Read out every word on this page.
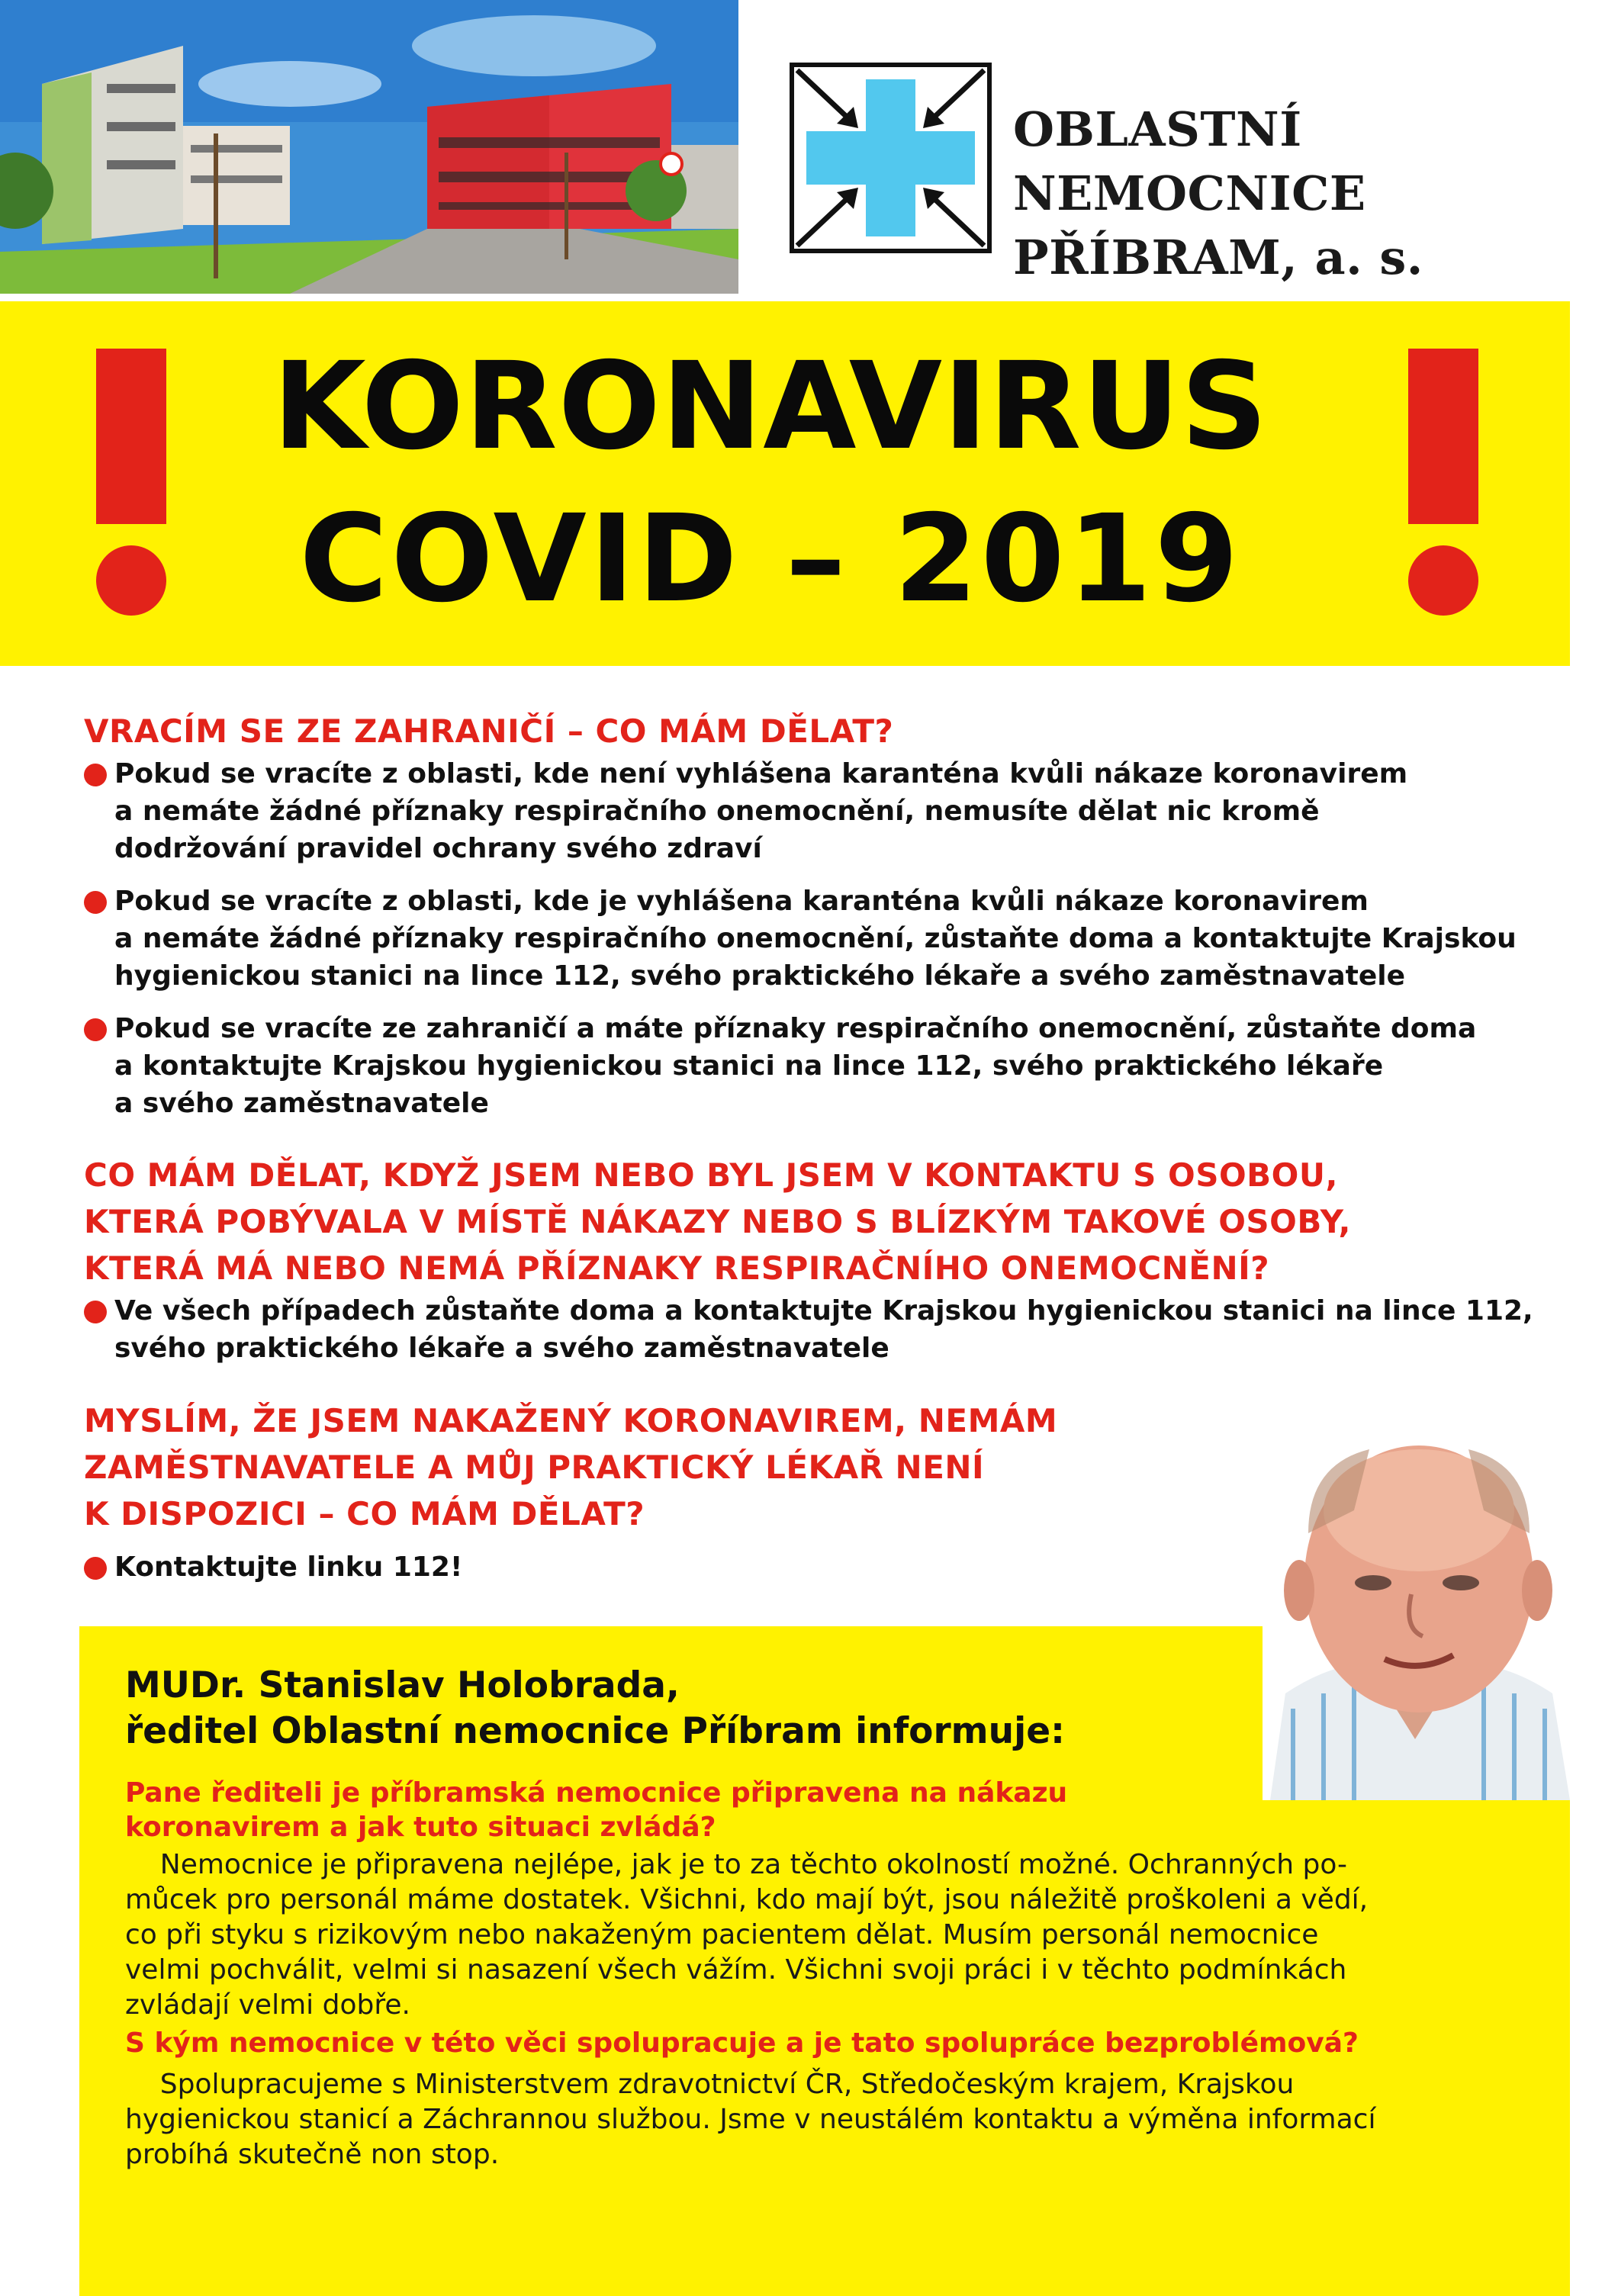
OBLASTNÍ NEMOCNICE
PŘÍBRAM, a. s.
KORONAVIRUS
COVID – 2019
VRACÍM SE ZE ZAHRANIČÍ – CO MÁM DĚLAT?
Pokud se vracíte z oblasti, kde není vyhlášena karanténa kvůli nákaze koronavirem
a nemáte žádné příznaky respiračního onemocnění, nemusíte dělat nic kromě
dodržování pravidel ochrany svého zdraví
Pokud se vracíte z oblasti, kde je vyhlášena karanténa kvůli nákaze koronavirem
a nemáte žádné příznaky respiračního onemocnění, zůstaňte doma a kontaktujte Krajskou
hygienickou stanici na lince 112, svého praktického lékaře a svého zaměstnavatele
Pokud se vracíte ze zahraničí a máte příznaky respiračního onemocnění, zůstaňte doma
a kontaktujte Krajskou hygienickou stanici na lince 112, svého praktického lékaře
a svého zaměstnavatele
CO MÁM DĚLAT, KDYŽ JSEM NEBO BYL JSEM V KONTAKTU S OSOBOU,
KTERÁ POBÝVALA V MÍSTĚ NÁKAZY NEBO S BLÍZKÝM TAKOVÉ OSOBY,
KTERÁ MÁ NEBO NEMÁ PŘÍZNAKY RESPIRAČNÍHO ONEMOCNĚNÍ?
Ve všech případech zůstaňte doma a kontaktujte Krajskou hygienickou stanici na lince 112,
svého praktického lékaře a svého zaměstnavatele
MYSLÍM, ŽE JSEM NAKAŽENÝ KORONAVIREM, NEMÁM
ZAMĚSTNAVATELE A MŮJ PRAKTICKÝ LÉKAŘ NENÍ
K DISPOZICI – CO MÁM DĚLAT?
Kontaktujte linku 112!
MUDr. Stanislav Holobrada,
ředitel Oblastní nemocnice Příbram informuje:
Pane řediteli je příbramská nemocnice připravena na nákazu
koronavirem a jak tuto situaci zvládá?
Nemocnice je připravena nejlépe, jak je to za těchto okolností možné. Ochranných po-
můcek pro personál máme dostatek. Všichni, kdo mají být, jsou náležitě proškoleni a vědí,
co při styku s rizikovým nebo nakaženým pacientem dělat. Musím personál nemocnice
velmi pochválit, velmi si nasazení všech vážím. Všichni svoji práci i v těchto podmínkách
zvládají velmi dobře.
S kým nemocnice v této věci spolupracuje a je tato spolupráce bezproblémová?
Spolupracujeme s Ministerstvem zdravotnictví ČR, Středočeským krajem, Krajskou
hygienickou stanicí a Záchrannou službou. Jsme v neustálém kontaktu a výměna informací
probíhá skutečně non stop.
